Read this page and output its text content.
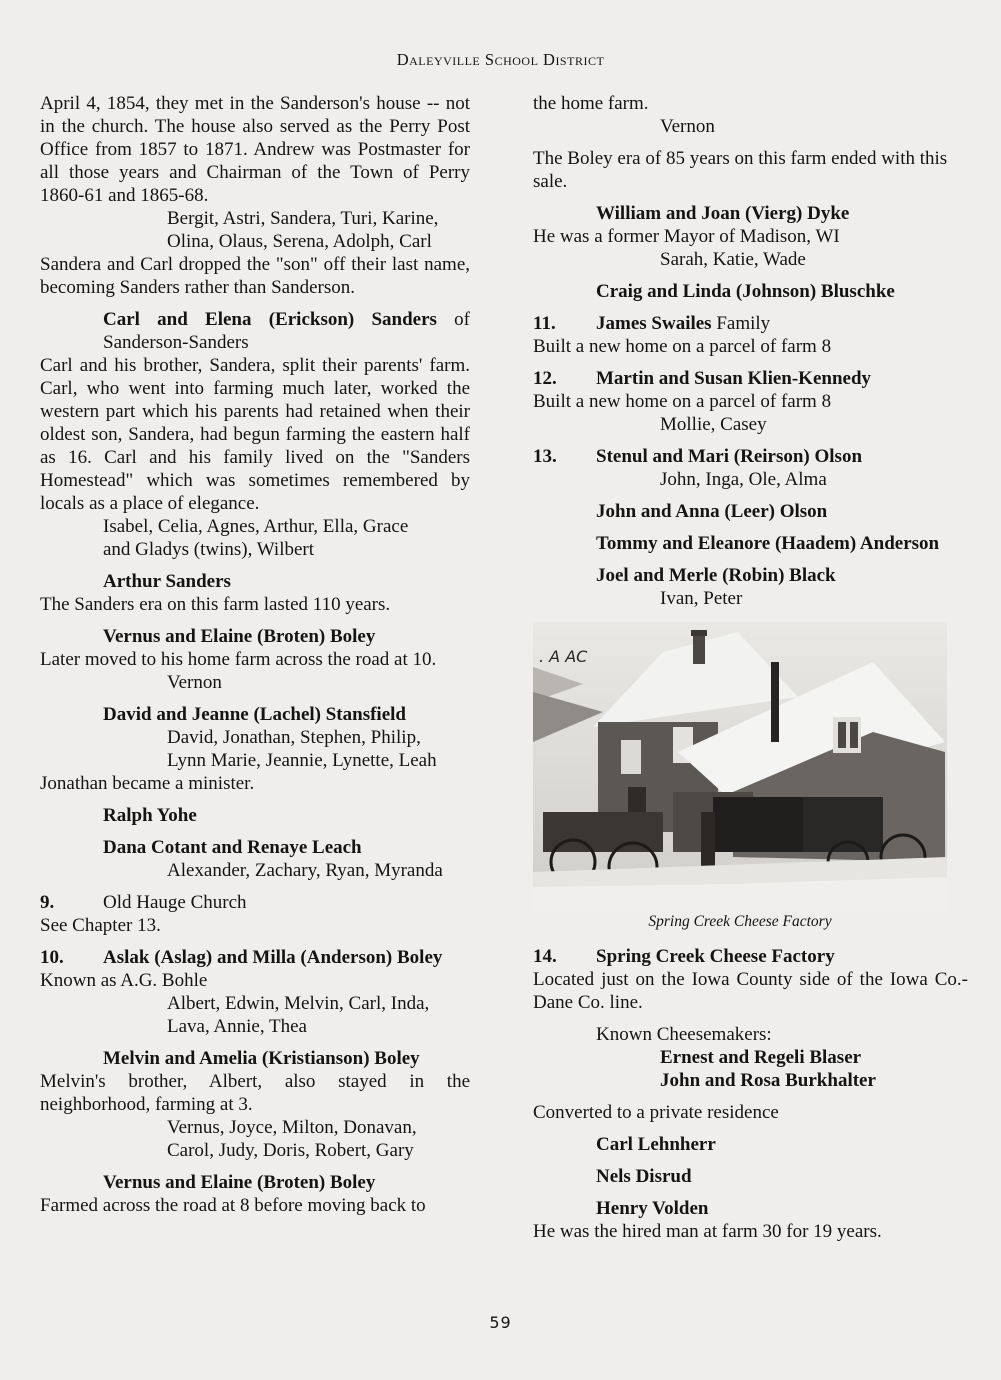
Daleyville School District

April 4, 1854, they met in the Sanderson's house -- not in the church. The house also served as the Perry Post Office from 1857 to 1871. Andrew was Postmaster for all those years and Chairman of the Town of Perry 1860-61 and 1865-68.

Bergit, Astri, Sandera, Turi, Karine,

Olina, Olaus, Serena, Adolph, Carl

Sandera and Carl dropped the "son" off their last name, becoming Sanders rather than Sanderson.

Carl and Elena (Erickson) Sanders of Sanderson-Sanders

Carl and his brother, Sandera, split their parents' farm. Carl, who went into farming much later, worked the western part which his parents had retained when their oldest son, Sandera, had begun farming the eastern half as 16. Carl and his family lived on the "Sanders Homestead" which was sometimes remembered by locals as a place of elegance.

Isabel, Celia, Agnes, Arthur, Ella, Grace

and Gladys (twins), Wilbert

Arthur Sanders

The Sanders era on this farm lasted 110 years.

Vernus and Elaine (Broten) Boley

Later moved to his home farm across the road at 10.

Vernon

David and Jeanne (Lachel) Stansfield

David, Jonathan, Stephen, Philip,

Lynn Marie, Jeannie, Lynette, Leah

Jonathan became a minister.

Ralph Yohe

Dana Cotant and Renaye Leach

Alexander, Zachary, Ryan, Myranda

9.	Old Hauge Church

See Chapter 13.

10. Aslak (Aslag) and Milla (Anderson) Boley

Known as A.G. Bohle

Albert, Edwin, Melvin, Carl, Inda,

Lava, Annie, Thea

Melvin and Amelia (Kristianson) Boley

Melvin's brother, Albert, also stayed in the neighborhood, farming at 3.

Vernus, Joyce, Milton, Donavan,

Carol, Judy, Doris, Robert, Gary

Vernus and Elaine (Broten) Boley

Farmed across the road at 8 before moving back to

the home farm.

Vernon

The Boley era of 85 years on this farm ended with this sale.

William and Joan (Vierg) Dyke

He was a former Mayor of Madison, WI

Sarah, Katie, Wade

Craig and Linda (Johnson) Bluschke

11. James Swailes Family

Built a new home on a parcel of farm 8

12. Martin and Susan Klien-Kennedy

Built a new home on a parcel of farm 8

Mollie, Casey

13. Stenul and Mari (Reirson) Olson

John, Inga, Ole, Alma

John and Anna (Leer) Olson

Tommy and Eleanore (Haadem) Anderson

Joel and Merle (Robin) Black

Ivan, Peter

. A AC
Spring Creek Cheese Factory

14. Spring Creek Cheese Factory

Located just on the Iowa County side of the Iowa Co.-Dane Co. line.

Known Cheesemakers:

Ernest and Regeli Blaser

John and Rosa Burkhalter

Converted to a private residence

Carl Lehnherr

Nels Disrud

Henry Volden

He was the hired man at farm 30 for 19 years.

59
